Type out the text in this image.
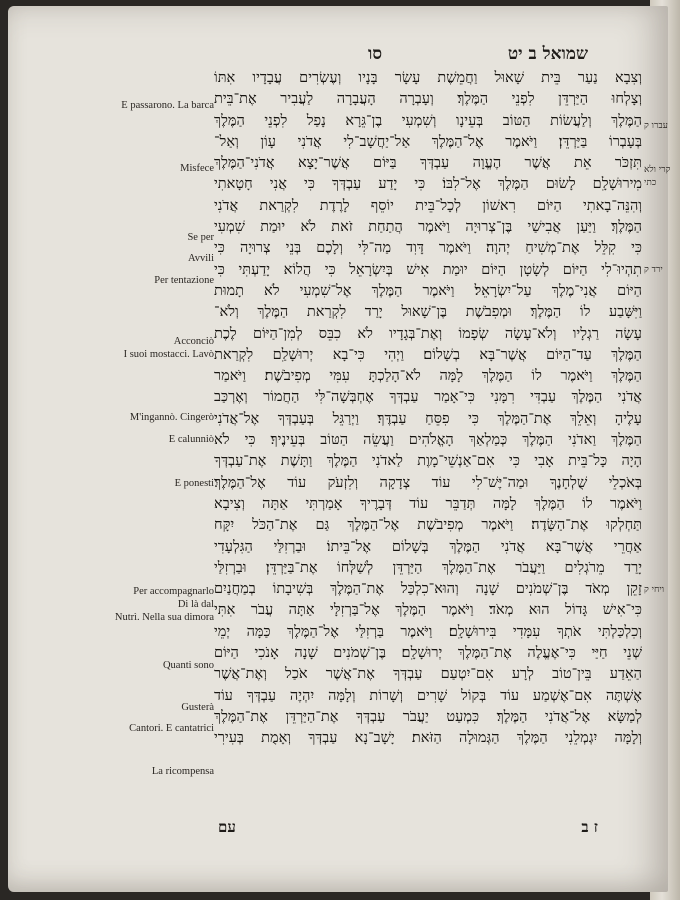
שמואל ב יט
סו
E passarono. La barca
Misfece
Se per
Avvili
Per tentazione
Acconciò
I suoi mostacci. Lavò
M'ingannò. Cingerò
E calunniò
E ponesti
Per accompagnarlo
Di là dal
Nutrì. Nella sua dimora
Quanti sono
Gusterà
Cantori. E cantatrici
La ricompensa
עברו ק
קרי ולא
כתי
ירד ק
ויחי ק
וְצִבָא נַעַר בֵּית שָׁאוּל וַחֲמֵשֶׁת עָשָׂר בָּנָיו וְעֶשְׂרִים עֲבָדָיו אִתּוֹ
וְצָלְחוּ הַיַּרְדֵּן לִפְנֵי הַמֶּלֶךְ׃ וְעָבְרָה הָעֲבָרָה לַעֲבִיר אֶת־בֵּית
הַמֶּלֶךְ וְלַעֲשׂוֹת הַטּוֹב בְּעֵינָו וְשִׁמְעִי בֶן־גֵּרָא נָפַל לִפְנֵי הַמֶּלֶךְ
בְּעָבְרוֹ בַּיַּרְדֵּן׃ וַיֹּאמֶר אֶל־הַמֶּלֶךְ אַל־יַחֲשָׁב־לִי אֲדֹנִי עָוֹן וְאַל־
תִּזְכֹּר אֵת אֲשֶׁר הֶעֱוָה עַבְדְּךָ בַּיּוֹם אֲשֶׁר־יָצָא אֲדֹנִי־הַמֶּלֶךְ
מִירוּשָׁלָ͏ִם לָשׂוּם הַמֶּלֶךְ אֶל־לִבּוֹ׃ כִּי יָדַע עַבְדְּךָ כִּי אֲנִי חָטָאתִי
וְהִנֵּה־בָאתִי הַיּוֹם רִאשׁוֹן לְכָל־בֵּית יוֹסֵף לָרֶדֶת לִקְרַאת אֲדֹנִי
הַמֶּלֶךְ׃ וַיַּעַן אֲבִישַׁי בֶּן־צְרוּיָה וַיֹּאמֶר הֲתַחַת זֹאת לֹא יוּמַת שִׁמְעִי
כִּי קִלֵּל אֶת־מְשִׁיחַ יְהוָה׃ וַיֹּאמֶר דָּוִד מַה־לִּי וְלָכֶם בְּנֵי צְרוּיָה כִּי
תִהְיוּ־לִי הַיּוֹם לְשָׂטָן הַיּוֹם יוּמַת אִישׁ בְּיִשְׂרָאֵל כִּי הֲלוֹא יָדַעְתִּי כִּי
הַיּוֹם אֲנִי־מֶלֶךְ עַל־יִשְׂרָאֵל׃ וַיֹּאמֶר הַמֶּלֶךְ אֶל־שִׁמְעִי לֹא תָמוּת
וַיִּשָּׁבַע לוֹ הַמֶּלֶךְ׃ וּמְפִבֹשֶׁת בֶּן־שָׁאוּל יָרַד לִקְרַאת הַמֶּלֶךְ וְלֹא־
עָשָׂה רַגְלָיו וְלֹא־עָשָׂה שְׂפָמוֹ וְאֶת־בְּגָדָיו לֹא כִבֵּס לְמִן־הַיּוֹם לֶכֶת
הַמֶּלֶךְ עַד־הַיּוֹם אֲשֶׁר־בָּא בְשָׁלוֹם׃ וַיְהִי כִּי־בָא יְרוּשָׁלַ͏ִם לִקְרַאת
הַמֶּלֶךְ וַיֹּאמֶר לוֹ הַמֶּלֶךְ לָמָּה לֹא־הָלַכְתָּ עִמִּי מְפִיבֹשֶׁת׃ וַיֹּאמַר
אֲדֹנִי הַמֶּלֶךְ עַבְדִּי רִמָּנִי כִּי־אָמַר עַבְדְּךָ אֶחְבְּשָׁה־לִּי הַחֲמוֹר וְאֶרְכַּב
עָלֶיהָ וְאֵלֵךְ אֶת־הַמֶּלֶךְ כִּי פִסֵּחַ עַבְדֶּךָ׃ וַיְרַגֵּל בְּעַבְדְּךָ אֶל־אֲדֹנִי
הַמֶּלֶךְ וַאדֹנִי הַמֶּלֶךְ כְּמַלְאַךְ הָאֱלֹהִים וַעֲשֵׂה הַטּוֹב בְּעֵינֶיךָ׃ כִּי לֹא
הָיָה כָּל־בֵּית אָבִי כִּי אִם־אַנְשֵׁי־מָוֶת לַאדֹנִי הַמֶּלֶךְ וַתָּשֶׁת אֶת־עַבְדְּךָ
בְּאֹכְלֵי שֻׁלְחָנֶךָ וּמַה־יֶּשׁ־לִי עוֹד צְדָקָה וְלִזְעֹק עוֹד אֶל־הַמֶּלֶךְ׃
וַיֹּאמֶר לוֹ הַמֶּלֶךְ לָמָּה תְּדַבֵּר עוֹד דְּבָרֶיךָ אָמַרְתִּי אַתָּה וְצִיבָא
תַּחְלְקוּ אֶת־הַשָּׂדֶה׃ וַיֹּאמֶר מְפִיבֹשֶׁת אֶל־הַמֶּלֶךְ גַּם אֶת־הַכֹּל יִקָּח
אַחֲרֵי אֲשֶׁר־בָּא אֲדֹנִי הַמֶּלֶךְ בְּשָׁלוֹם אֶל־בֵּיתוֹ׃ וּבַרְזִלַּי הַגִּלְעָדִי
יָרַד מֵרֹגְלִים וַיַּעֲבֹר אֶת־הַמֶּלֶךְ הַיַּרְדֵּן לְשַׁלְּחוֹ אֶת־בַּיַּרְדֵּן׃ וּבַרְזִלַּי
זָקֵן מְאֹד בֶּן־שְׁמֹנִים שָׁנָה וְהוּא־כִלְכַּל אֶת־הַמֶּלֶךְ בְּשִׁיבָתוֹ בְמַחֲנַיִם
כִּי־אִישׁ גָּדוֹל הוּא מְאֹד׃ וַיֹּאמֶר הַמֶּלֶךְ אֶל־בַּרְזִלָּי אַתָּה עֲבֹר אִתִּי
וְכִלְכַּלְתִּי אֹתְךָ עִמָּדִי בִּירוּשָׁלָ͏ִם׃ וַיֹּאמֶר בַּרְזִלַּי אֶל־הַמֶּלֶךְ כַּמָּה יְמֵי
שְׁנֵי חַיַּי כִּי־אֶעֱלֶה אֶת־הַמֶּלֶךְ יְרוּשָׁלָ͏ִם׃ בֶּן־שְׁמֹנִים שָׁנָה אָנֹכִי הַיּוֹם
הַאֵדַע בֵּין־טוֹב לְרָע אִם־יִטְעַם עַבְדְּךָ אֶת־אֲשֶׁר אֹכַל וְאֶת־אֲשֶׁר
אֶשְׁתֶּה אִם־אֶשְׁמַע עוֹד בְּקוֹל שָׁרִים וְשָׁרוֹת וְלָמָּה יִהְיֶה עַבְדְּךָ עוֹד
לְמַשָּׂא אֶל־אֲדֹנִי הַמֶּלֶךְ׃ כִּמְעַט יַעֲבֹר עַבְדְּךָ אֶת־הַיַּרְדֵּן אֶת־הַמֶּלֶךְ
וְלָמָּה יִגְמְלֵנִי הַמֶּלֶךְ הַגְּמוּלָה הַזֹּאת׃ יָשָׁב־נָא עַבְדְּךָ וְאָמֻת בְּעִירִי
עם	ז ב
